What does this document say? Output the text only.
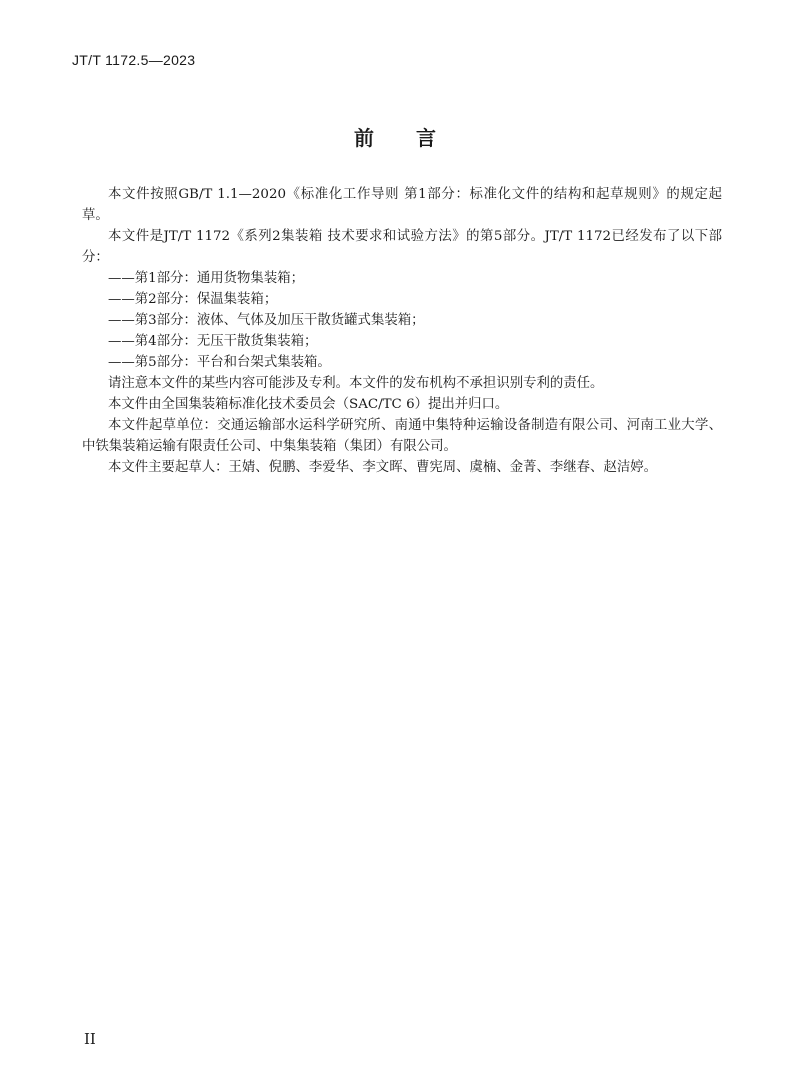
JT/T 1172.5—2023
前 言

本文件按照GB/T 1.1—2020《标准化工作导则 第1部分：标准化文件的结构和起草规则》的规定起草。

本文件是JT/T 1172《系列2集装箱 技术要求和试验方法》的第5部分。JT/T 1172已经发布了以下部分：

——第1部分：通用货物集装箱；

——第2部分：保温集装箱；

——第3部分：液体、气体及加压干散货罐式集装箱；

——第4部分：无压干散货集装箱；

——第5部分：平台和台架式集装箱。

请注意本文件的某些内容可能涉及专利。本文件的发布机构不承担识别专利的责任。

本文件由全国集装箱标准化技术委员会（SAC/TC 6）提出并归口。

本文件起草单位：交通运输部水运科学研究所、南通中集特种运输设备制造有限公司、河南工业大学、中铁集装箱运输有限责任公司、中集集装箱（集团）有限公司。

本文件主要起草人：王婧、倪鹏、李爱华、李文晖、曹宪周、虞楠、金菁、李继春、赵洁婷。

II
